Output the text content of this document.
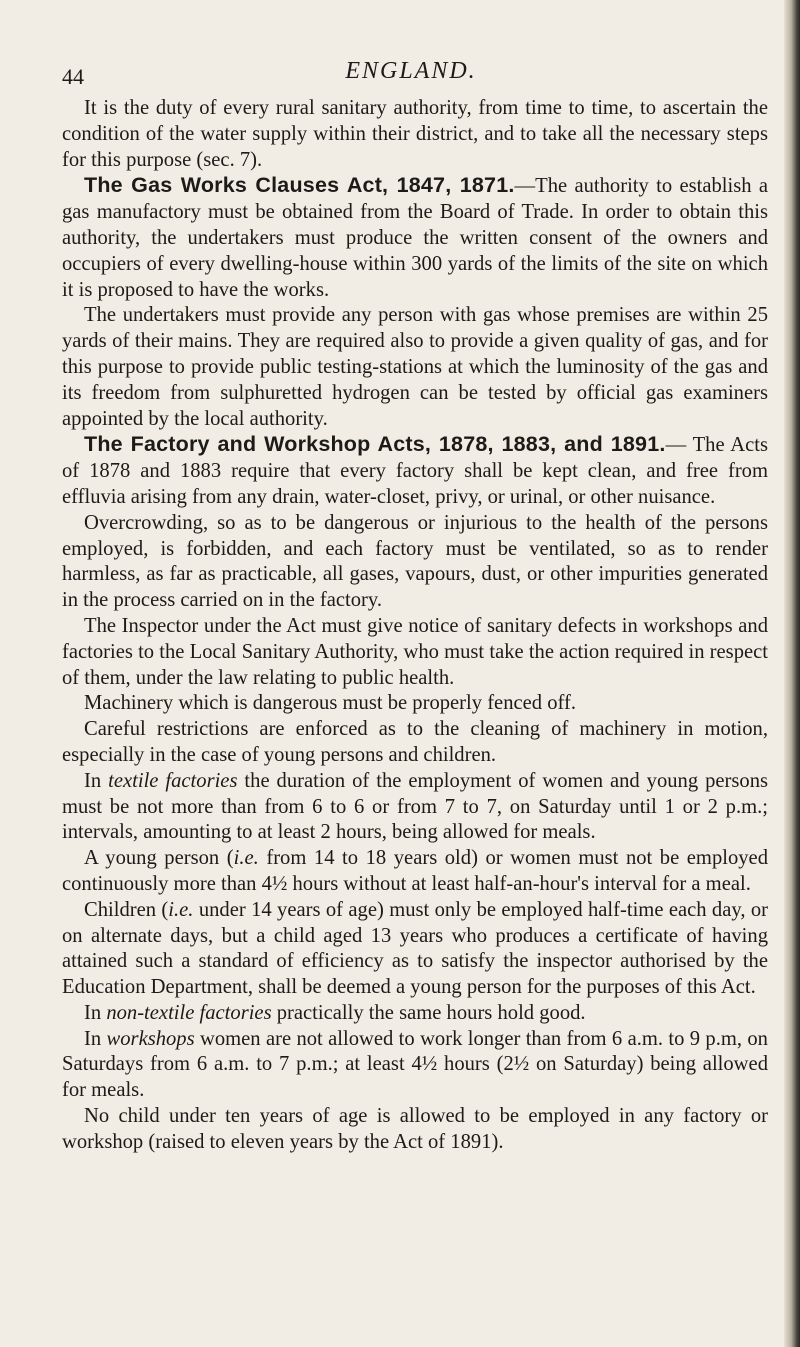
44	ENGLAND.

It is the duty of every rural sanitary authority, from time to time, to ascertain the condition of the water supply within their district, and to take all the necessary steps for this purpose (sec. 7).

The Gas Works Clauses Act, 1847, 1871.—The authority to establish a gas manufactory must be obtained from the Board of Trade. In order to obtain this authority, the undertakers must produce the written consent of the owners and occupiers of every dwelling-house within 300 yards of the limits of the site on which it is proposed to have the works.

The undertakers must provide any person with gas whose premises are within 25 yards of their mains. They are required also to provide a given quality of gas, and for this purpose to provide public testing-stations at which the luminosity of the gas and its freedom from sulphuretted hydrogen can be tested by official gas examiners appointed by the local authority.

The Factory and Workshop Acts, 1878, 1883, and 1891.— The Acts of 1878 and 1883 require that every factory shall be kept clean, and free from effluvia arising from any drain, water-closet, privy, or urinal, or other nuisance.

Overcrowding, so as to be dangerous or injurious to the health of the persons employed, is forbidden, and each factory must be ventilated, so as to render harmless, as far as practicable, all gases, vapours, dust, or other impurities generated in the process carried on in the factory.

The Inspector under the Act must give notice of sanitary defects in workshops and factories to the Local Sanitary Authority, who must take the action required in respect of them, under the law relating to public health.

Machinery which is dangerous must be properly fenced off.

Careful restrictions are enforced as to the cleaning of machinery in motion, especially in the case of young persons and children.

In textile factories the duration of the employment of women and young persons must be not more than from 6 to 6 or from 7 to 7, on Saturday until 1 or 2 p.m.; intervals, amounting to at least 2 hours, being allowed for meals.

A young person (i.e. from 14 to 18 years old) or women must not be employed continuously more than 4½ hours without at least half-an-hour's interval for a meal.

Children (i.e. under 14 years of age) must only be employed half-time each day, or on alternate days, but a child aged 13 years who produces a certificate of having attained such a standard of efficiency as to satisfy the inspector authorised by the Education Department, shall be deemed a young person for the purposes of this Act.

In non-textile factories practically the same hours hold good.

In workshops women are not allowed to work longer than from 6 a.m. to 9 p.m, on Saturdays from 6 a.m. to 7 p.m.; at least 4½ hours (2½ on Saturday) being allowed for meals.

No child under ten years of age is allowed to be employed in any factory or workshop (raised to eleven years by the Act of 1891).
